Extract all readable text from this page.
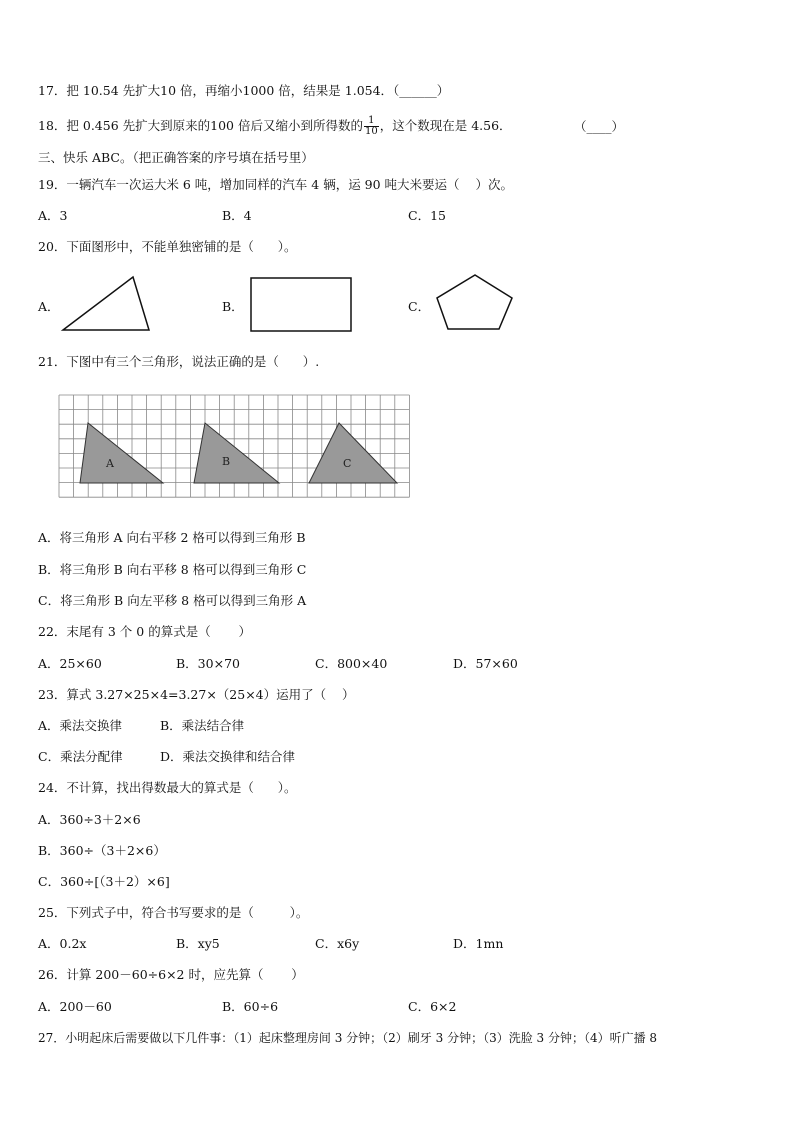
17．把 10.54 先扩大10 倍，再缩小1000 倍，结果是 1.054．（______）
18．把 0.456 先扩大到原来的100 倍后又缩小到所得数的 $\frac{1}{10}$ ，这个数现在是 4.56．	（____）
三、快乐 ABC。（把正确答案的序号填在括号里）
19．一辆汽车一次运大米 6 吨，增加同样的汽车 4 辆，运 90 吨大米要运（    ）次。
A．3	B．4	C．15
20．下面图形中，不能单独密铺的是（      ）。
A．	B．	C．
21．下图中有三个三角形，说法正确的是（      ）.
A	B	C
A．将三角形 A 向右平移 2 格可以得到三角形 B
B．将三角形 B 向右平移 8 格可以得到三角形 C
C．将三角形 B 向左平移 8 格可以得到三角形 A
22．末尾有 3 个 0 的算式是（       ）
A．25×60	B．30×70	C．800×40	D．57×60
23．算式 3.27×25×4=3.27×（25×4）运用了（    ）
A．乘法交换律	B．乘法结合律
C．乘法分配律	D．乘法交换律和结合律
24．不计算，找出得数最大的算式是（      ）。
A．360÷3＋2×6
B．360÷（3＋2×6）
C．360÷[（3＋2）×6]
25．下列式子中，符合书写要求的是（         ）。
A．0.2x	B．xy5	C．x6y	D．1mn
26．计算 200－60÷6×2 时，应先算（       ）
A．200－60	B．60÷6	C．6×2
27．小明起床后需要做以下几件事：（1）起床整理房间 3 分钟；（2）刷牙 3 分钟；（3）洗脸 3 分钟；（4）听广播 8
